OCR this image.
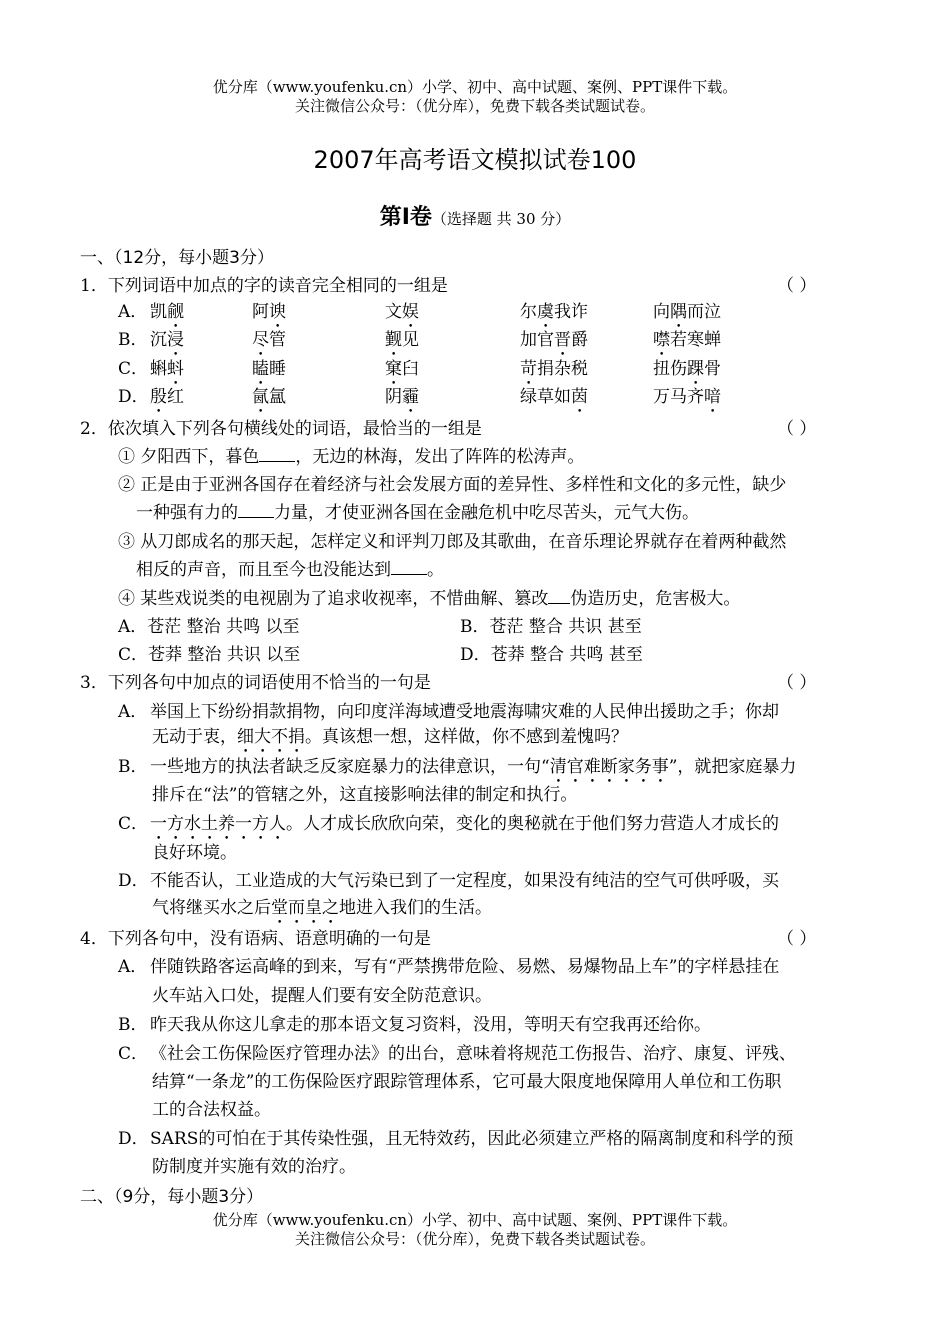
优分库（www.youfenku.cn）小学、初中、高中试题、案例、PPT课件下载。
关注微信公众号：（优分库），免费下载各类试题试卷。
2007年高考语文模拟试卷100
第Ⅰ卷（选择题 共 30 分）
一、（12分，每小题3分）
1．下列词语中加点的字的读音完全相同的一组是	（ ）
A． 凯觎	阿谀	文娱	尔虞我诈	向隅而泣
B． 沉浸	尽管	觐见	加官晋爵	噤若寒蝉
C． 蝌蚪	瞌睡	窠臼	苛捐杂税	扭伤踝骨
D． 殷红	氤氲	阴霾	绿草如茵	万马齐喑
2．依次填入下列各句横线处的词语，最恰当的一组是	（ ）
① 夕阳西下，暮色 ，无边的林海，发出了阵阵的松涛声。
② 正是由于亚洲各国存在着经济与社会发展方面的差异性、多样性和文化的多元性，缺少
一种强有力的 力量，才使亚洲各国在金融危机中吃尽苦头，元气大伤。
③ 从刀郎成名的那天起，怎样定义和评判刀郎及其歌曲，在音乐理论界就存在着两种截然
相反的声音，而且至今也没能达到 。
④ 某些戏说类的电视剧为了追求收视率，不惜曲解、篡改 伪造历史，危害极大。
A．苍茫 整治 共鸣 以至	B．苍茫 整合 共识 甚至
C．苍莽 整治 共识 以至	D．苍莽 整合 共鸣 甚至
3．下列各句中加点的词语使用不恰当的一句是	（ ）
A． 举国上下纷纷捐款捐物，向印度洋海域遭受地震海啸灾难的人民伸出援助之手；你却
无动于衷，细大不捐。真该想一想，这样做，你不感到羞愧吗？
B． 一些地方的执法者缺乏反家庭暴力的法律意识，一句“清官难断家务事”，就把家庭暴力
排斥在“法”的管辖之外，这直接影响法律的制定和执行。
C． 一方水土养一方人。人才成长欣欣向荣，变化的奥秘就在于他们努力营造人才成长的
良好环境。
D． 不能否认，工业造成的大气污染已到了一定程度，如果没有纯洁的空气可供呼吸，买
气将继买水之后堂而皇之地进入我们的生活。
4．下列各句中，没有语病、语意明确的一句是	（ ）
A． 伴随铁路客运高峰的到来，写有“严禁携带危险、易燃、易爆物品上车”的字样悬挂在
火车站入口处，提醒人们要有安全防范意识。
B． 昨天我从你这儿拿走的那本语文复习资料，没用，等明天有空我再还给你。
C． 《社会工伤保险医疗管理办法》的出台，意味着将规范工伤报告、治疗、康复、评残、
结算“一条龙”的工伤保险医疗跟踪管理体系，它可最大限度地保障用人单位和工伤职
工的合法权益。
D． SARS的可怕在于其传染性强，且无特效药，因此必须建立严格的隔离制度和科学的预
防制度并实施有效的治疗。
二、（9分，每小题3分）
优分库（www.youfenku.cn）小学、初中、高中试题、案例、PPT课件下载。
关注微信公众号：（优分库），免费下载各类试题试卷。
